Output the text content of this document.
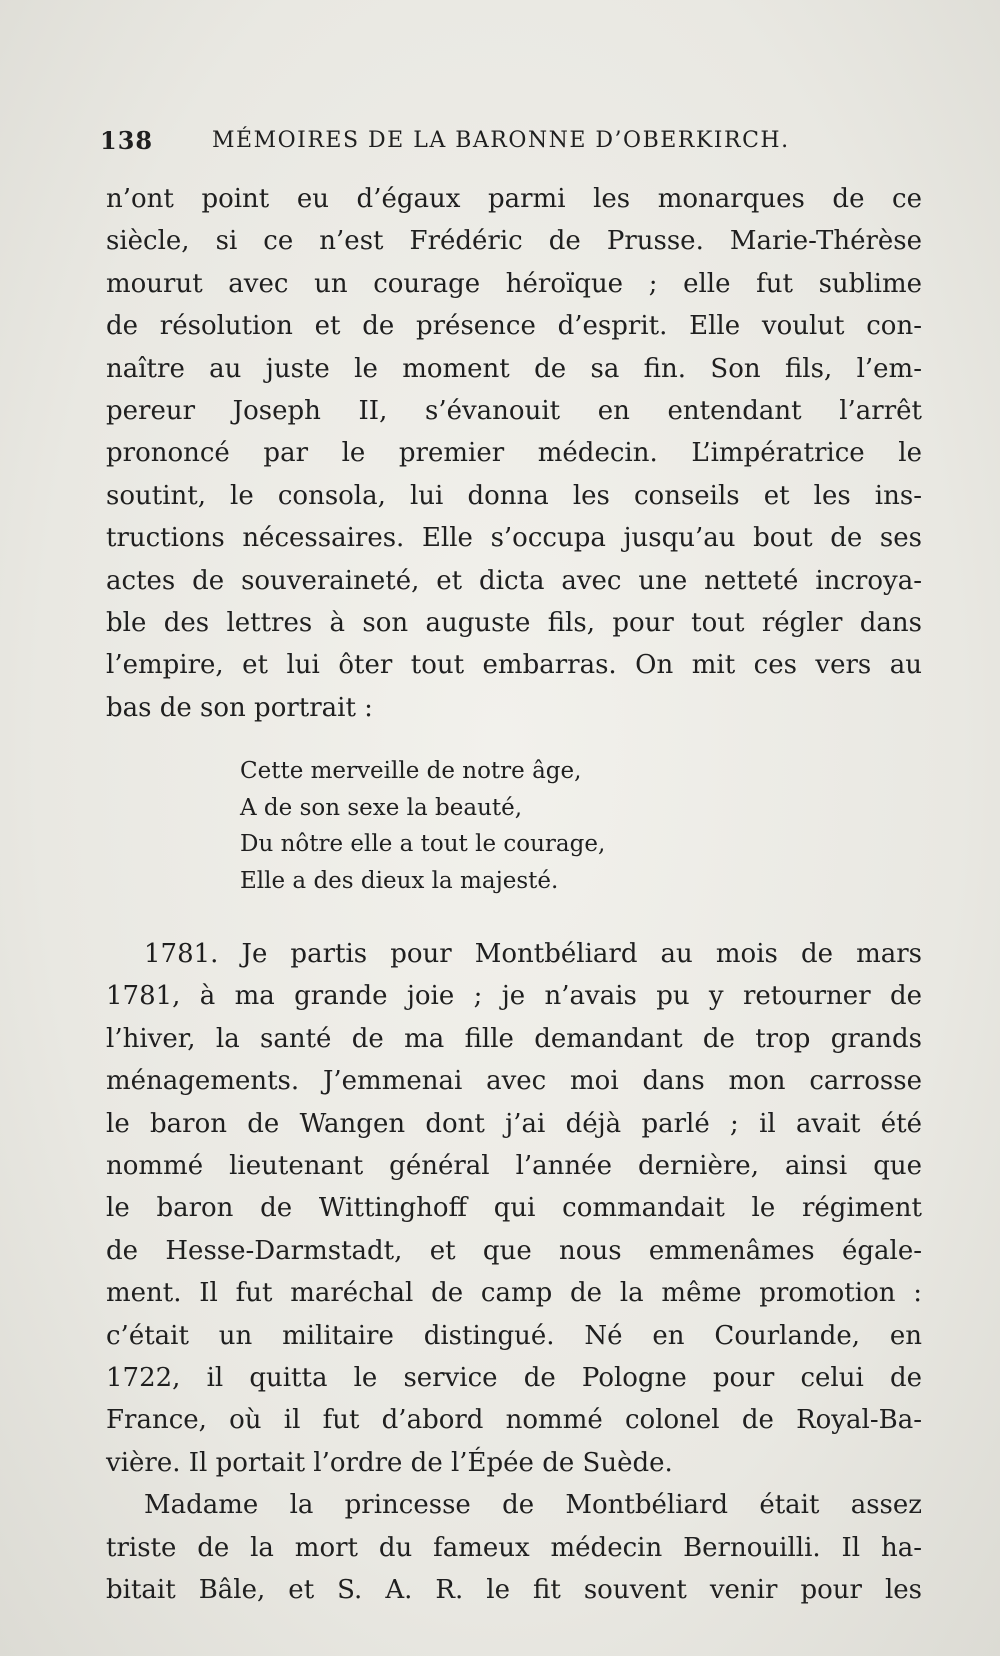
138	MÉMOIRES DE LA BARONNE D’OBERKIRCH.
n’ont point eu d’égaux parmi les monarques de ce
siècle, si ce n’est Frédéric de Prusse. Marie-Thérèse
mourut avec un courage héroïque ; elle fut sublime
de résolution et de présence d’esprit. Elle voulut con-
naître au juste le moment de sa fin. Son fils, l’em-
pereur Joseph II, s’évanouit en entendant l’arrêt
prononcé par le premier médecin. L’impératrice le
soutint, le consola, lui donna les conseils et les ins-
tructions nécessaires. Elle s’occupa jusqu’au bout de ses
actes de souveraineté, et dicta avec une netteté incroya-
ble des lettres à son auguste fils, pour tout régler dans
l’empire, et lui ôter tout embarras. On mit ces vers au
bas de son portrait :
Cette merveille de notre âge,
A de son sexe la beauté,
Du nôtre elle a tout le courage,
Elle a des dieux la majesté.
1781. Je partis pour Montbéliard au mois de mars
1781, à ma grande joie ; je n’avais pu y retourner de
l’hiver, la santé de ma fille demandant de trop grands
ménagements. J’emmenai avec moi dans mon carrosse
le baron de Wangen dont j’ai déjà parlé ; il avait été
nommé lieutenant général l’année dernière, ainsi que
le baron de Wittinghoff qui commandait le régiment
de Hesse-Darmstadt, et que nous emmenâmes égale-
ment. Il fut maréchal de camp de la même promotion :
c’était un militaire distingué. Né en Courlande, en
1722, il quitta le service de Pologne pour celui de
France, où il fut d’abord nommé colonel de Royal-Ba-
vière. Il portait l’ordre de l’Épée de Suède.
Madame la princesse de Montbéliard était assez
triste de la mort du fameux médecin Bernouilli. Il ha-
bitait Bâle, et S. A. R. le fit souvent venir pour les
